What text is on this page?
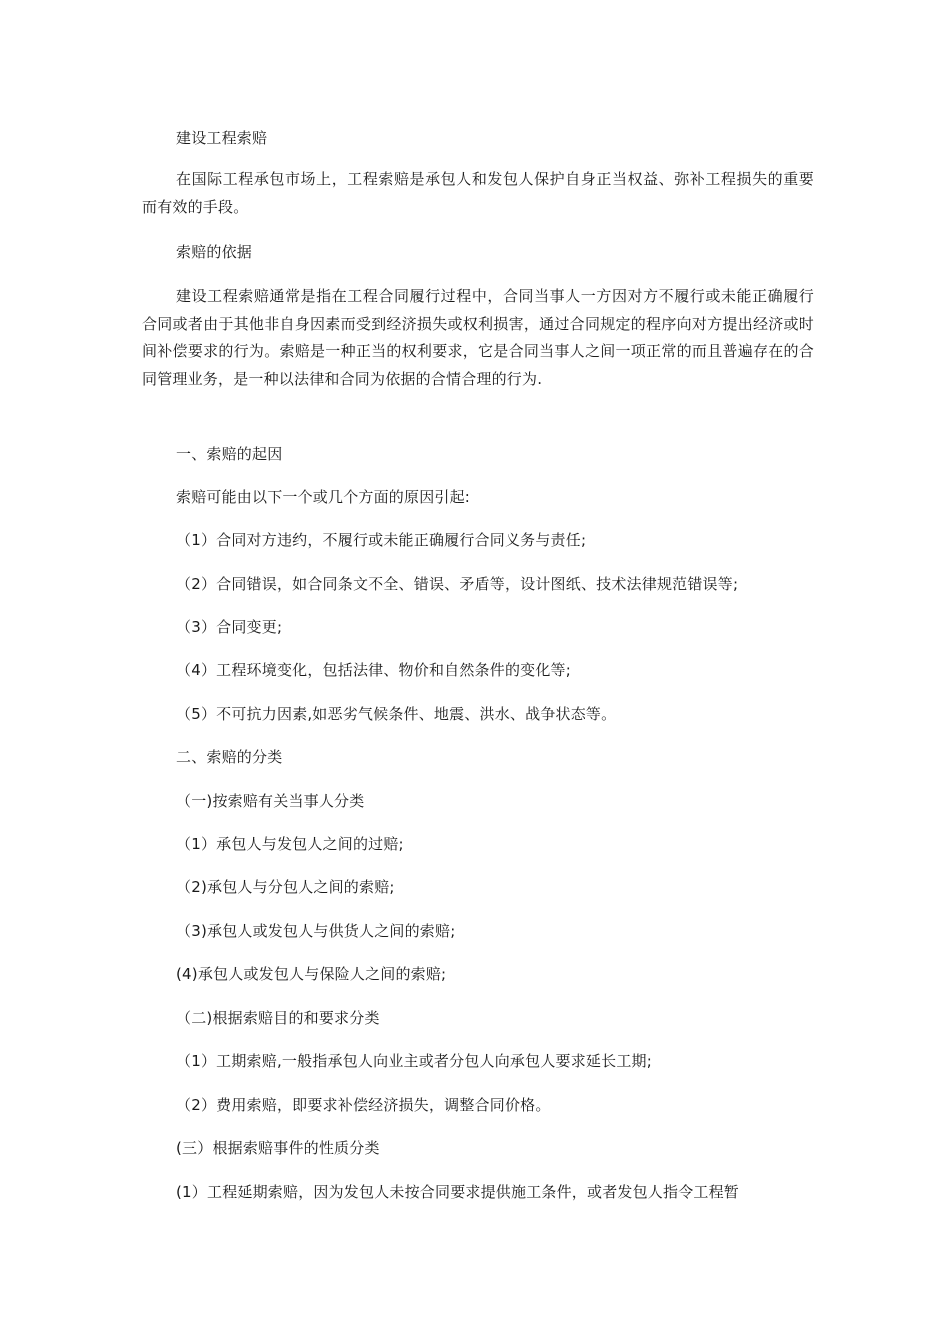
建设工程索赔
在国际工程承包市场上，工程索赔是承包人和发包人保护自身正当权益、弥补工程损失的重要而有效的手段。
索赔的依据
建设工程索赔通常是指在工程合同履行过程中，合同当事人一方因对方不履行或未能正确履行合同或者由于其他非自身因素而受到经济损失或权利损害，通过合同规定的程序向对方提出经济或时间补偿要求的行为。索赔是一种正当的权利要求，它是合同当事人之间一项正常的而且普遍存在的合同管理业务，是一种以法律和合同为依据的合情合理的行为.
一、索赔的起因
索赔可能由以下一个或几个方面的原因引起:
（1）合同对方违约，不履行或未能正确履行合同义务与责任;
（2）合同错误，如合同条文不全、错误、矛盾等，设计图纸、技术法律规范错误等;
（3）合同变更;
（4）工程环境变化，包括法律、物价和自然条件的变化等;
（5）不可抗力因素,如恶劣气候条件、地震、洪水、战争状态等。
二、索赔的分类
（一)按索赔有关当事人分类
（1）承包人与发包人之间的过赔;
（2)承包人与分包人之间的索赔;
（3)承包人或发包人与供货人之间的索赔;
(4)承包人或发包人与保险人之间的索赔;
（二)根据索赔目的和要求分类
（1）工期索赔,一般指承包人向业主或者分包人向承包人要求延长工期;
（2）费用索赔，即要求补偿经济损失，调整合同价格。
(三）根据索赔事件的性质分类
(1）工程延期索赔，因为发包人未按合同要求提供施工条件，或者发包人指令工程暂
